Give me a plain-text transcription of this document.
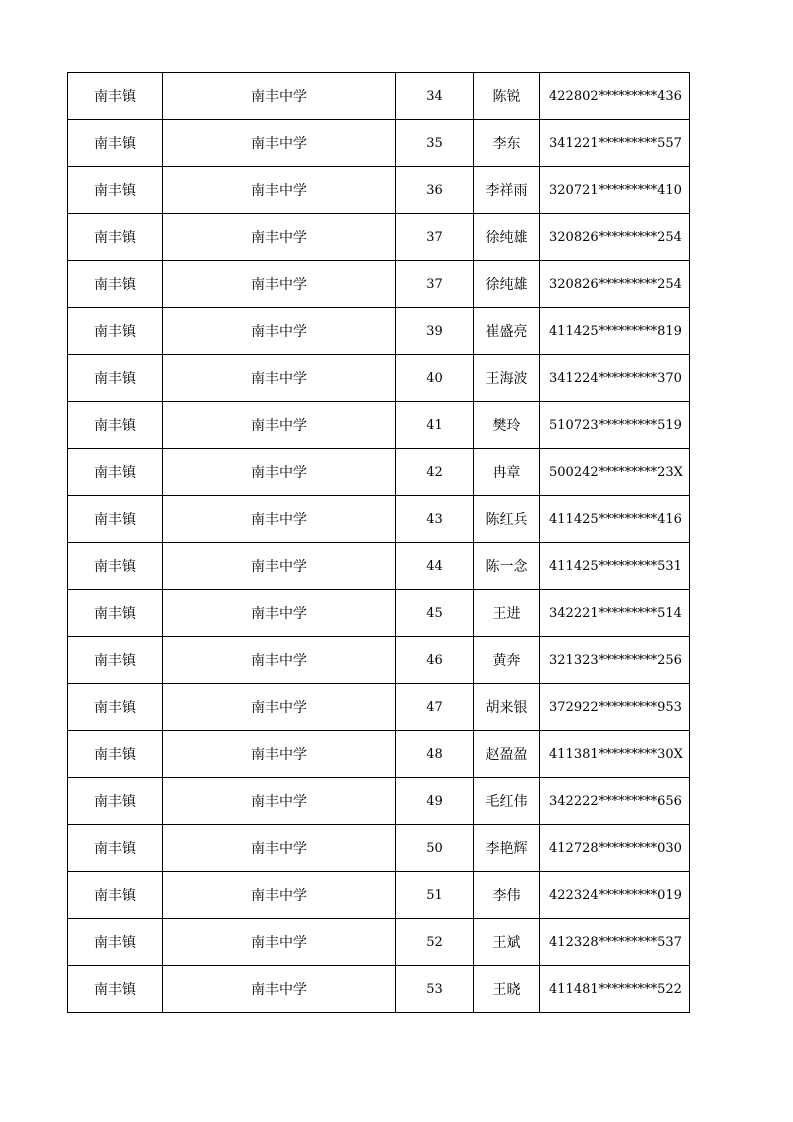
南丰镇	南丰中学	34	陈锐	422802*********436
南丰镇	南丰中学	35	李东	341221*********557
南丰镇	南丰中学	36	李祥雨	320721*********410
南丰镇	南丰中学	37	徐纯雄	320826*********254
南丰镇	南丰中学	37	徐纯雄	320826*********254
南丰镇	南丰中学	39	崔盛亮	411425*********819
南丰镇	南丰中学	40	王海波	341224*********370
南丰镇	南丰中学	41	樊玲	510723*********519
南丰镇	南丰中学	42	冉章	500242*********23X
南丰镇	南丰中学	43	陈红兵	411425*********416
南丰镇	南丰中学	44	陈一念	411425*********531
南丰镇	南丰中学	45	王进	342221*********514
南丰镇	南丰中学	46	黄奔	321323*********256
南丰镇	南丰中学	47	胡来银	372922*********953
南丰镇	南丰中学	48	赵盈盈	411381*********30X
南丰镇	南丰中学	49	毛红伟	342222*********656
南丰镇	南丰中学	50	李艳辉	412728*********030
南丰镇	南丰中学	51	李伟	422324*********019
南丰镇	南丰中学	52	王斌	412328*********537
南丰镇	南丰中学	53	王晓	411481*********522
